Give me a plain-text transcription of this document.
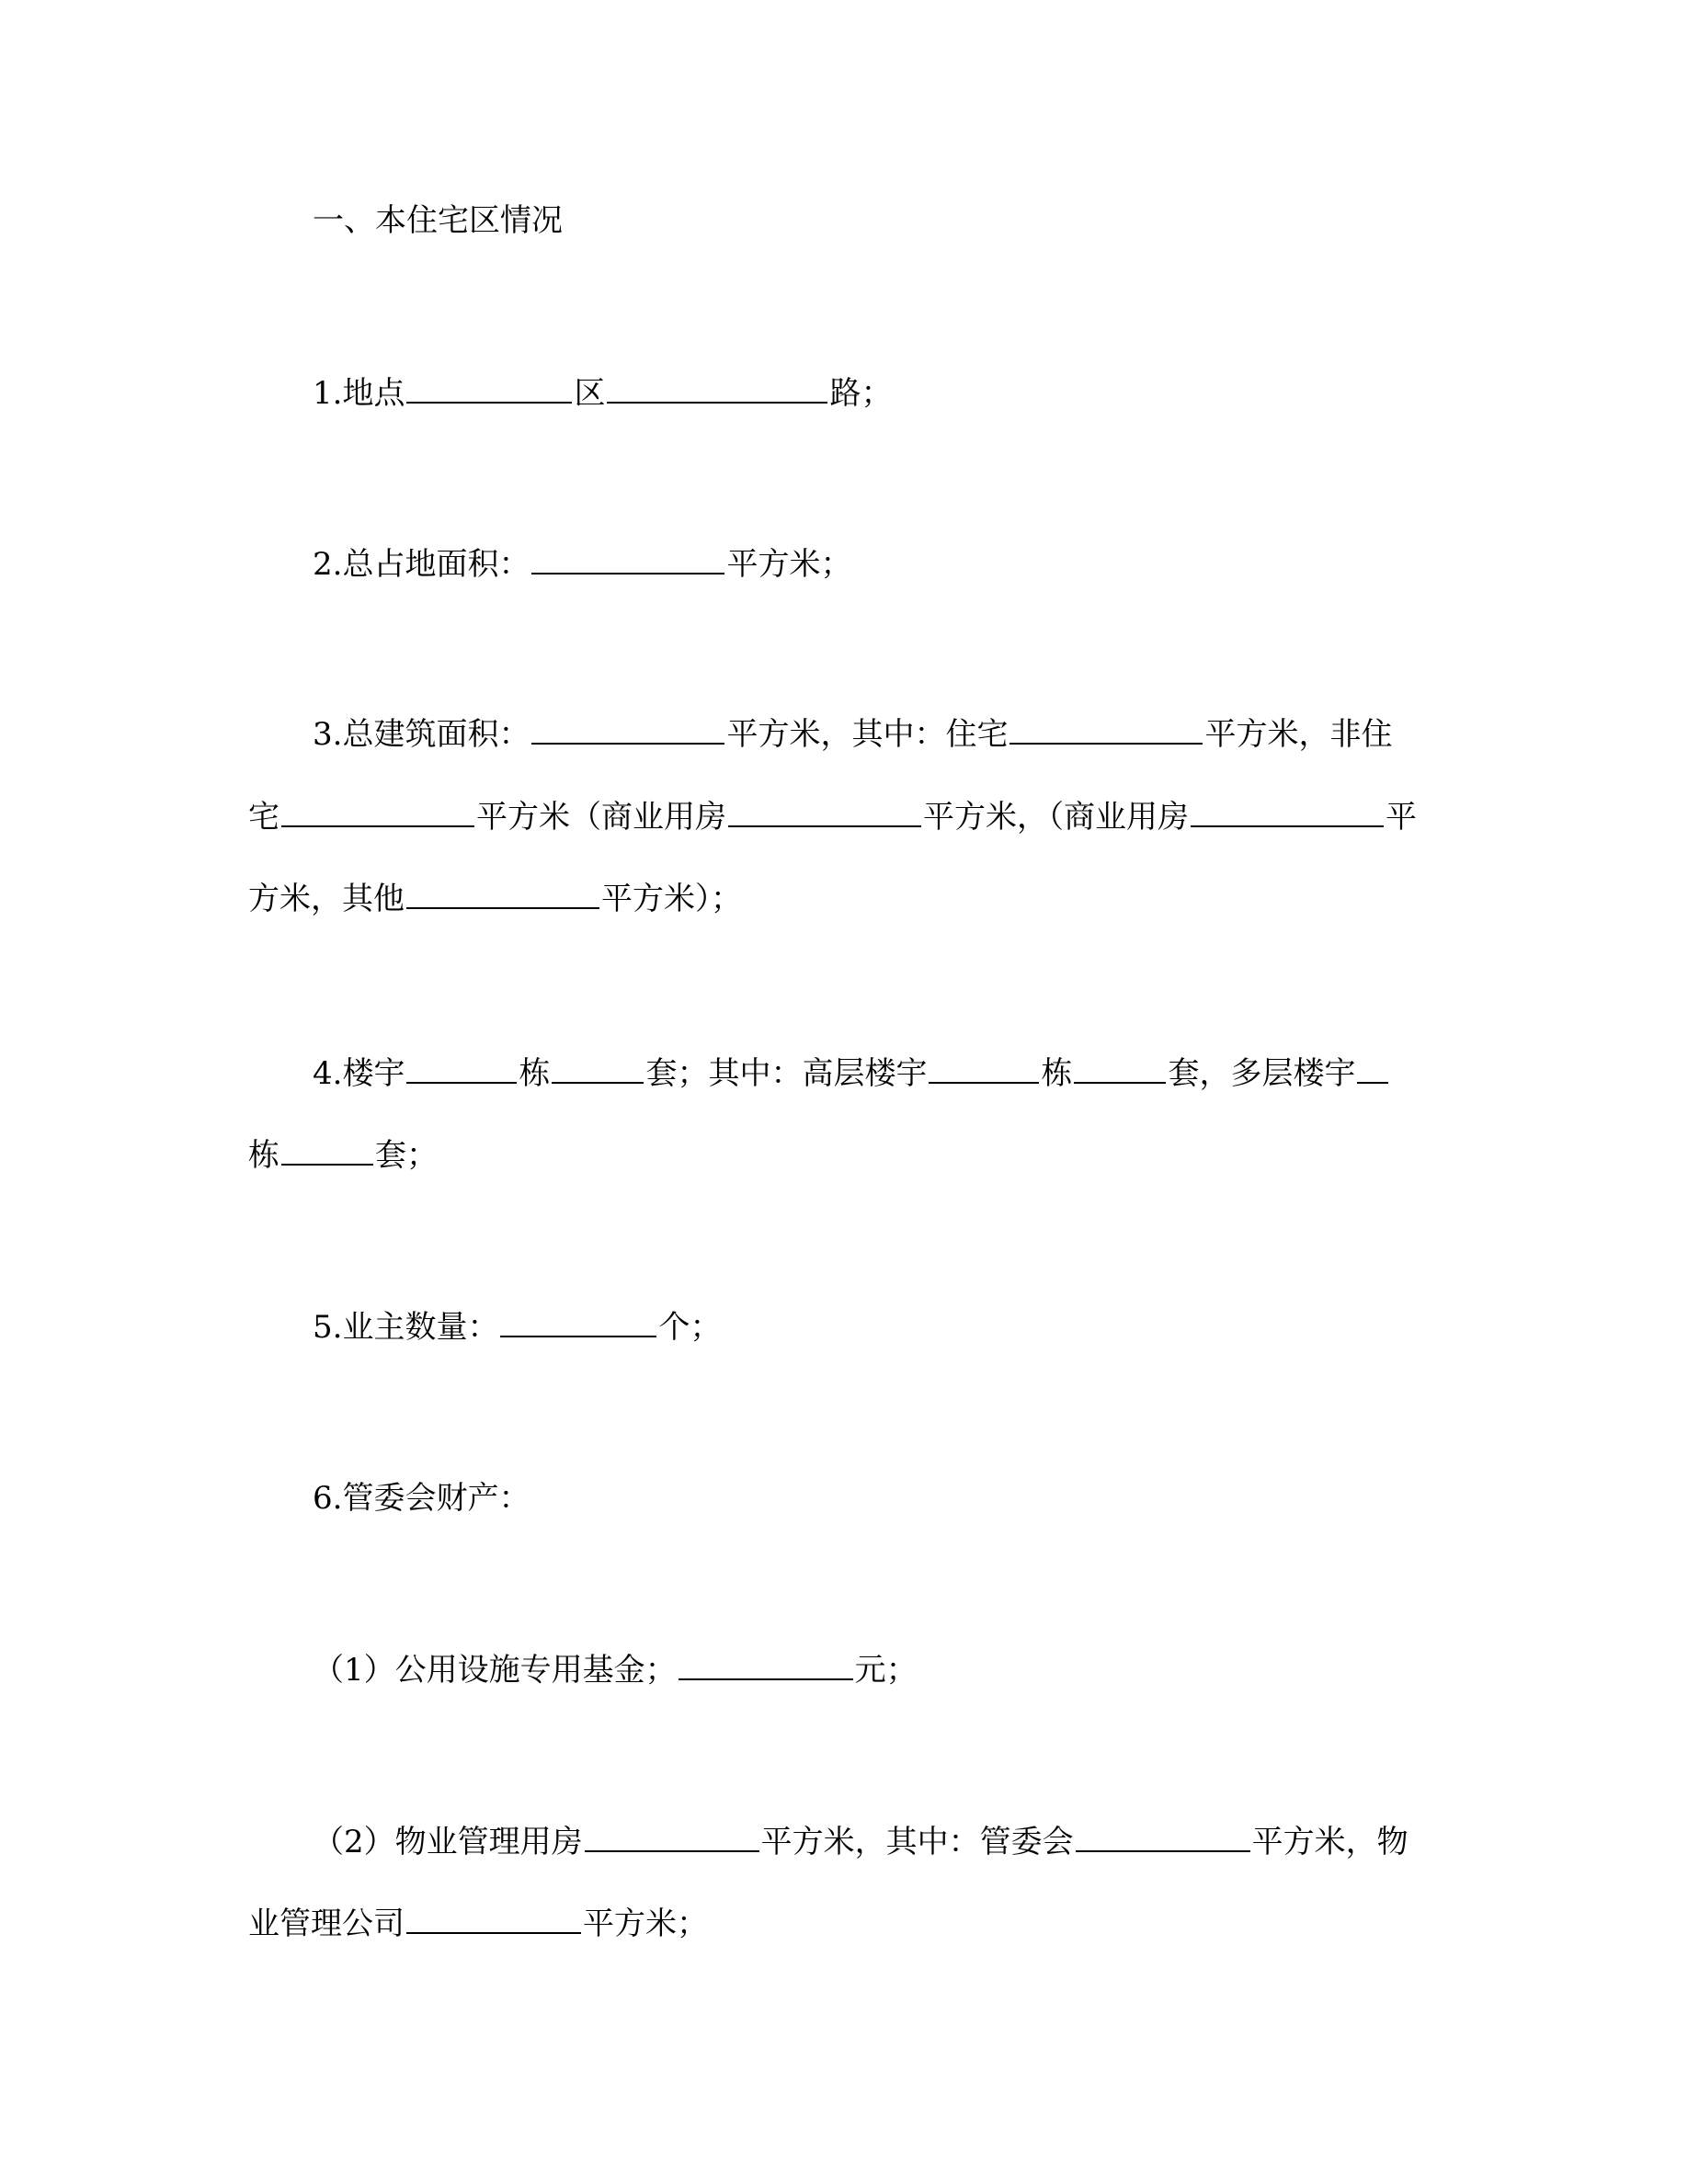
一、本住宅区情况
1.地点	区	路；
2.总占地面积：	平方米；
3.总建筑面积：	平方米，其中：住宅	平方米，非住
宅	平方米（商业用房	平方米，（商业用房	平
方米，其他	平方米）；
4.楼宇	栋	套；其中：高层楼宇	栋	套，多层楼宇
栋	套；
5.业主数量：	个；
6.管委会财产：
（1）公用设施专用基金；	元；
（2）物业管理用房	平方米，其中：管委会	平方米，物
业管理公司	平方米；
